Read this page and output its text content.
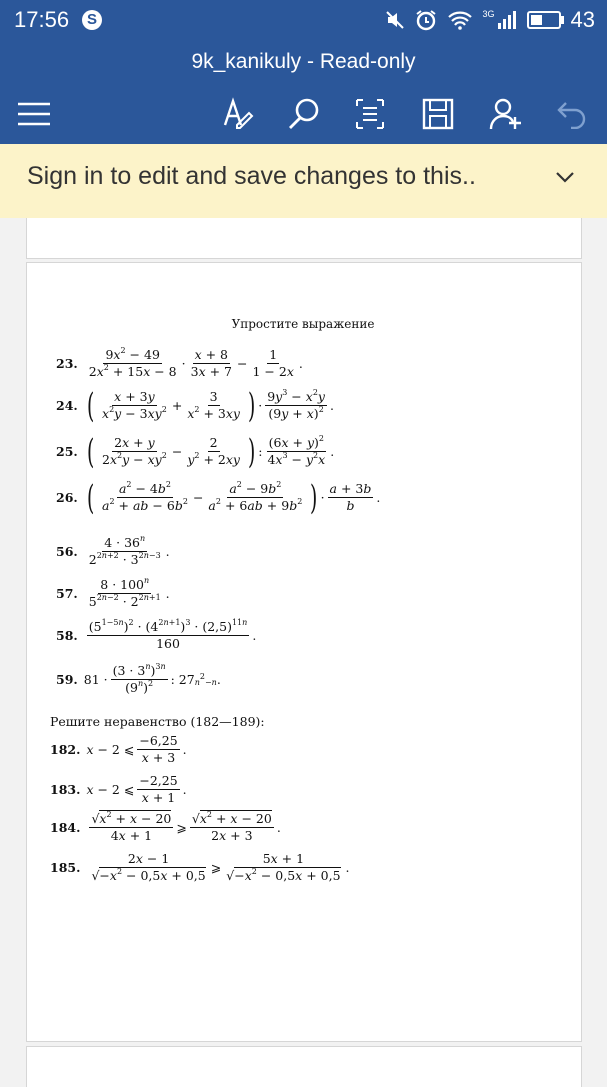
17:56	S	3G	43
9k_kanikuly - Read-only
Sign in to edit and save changes to this..
Упростите выражение
23. $\frac{9x^2 - 49}{2x^2 + 15x - 8} \cdot \frac{x + 8}{3x + 7} - \frac{1}{1 - 2x}$ .
24. ( $\frac{x + 3y}{x^2y - 3xy^2} + \frac{3}{x^2 + 3xy}$ ) · $\frac{9y^3 - x^2y}{(9y + x)^2}$ .
25. ( $\frac{2x + y}{2x^2y - xy^2} - \frac{2}{y^2 + 2xy}$ ) : $\frac{(6x + y)^2}{4x^3 - y^2x}$ .
26. ( $\frac{a^2 - 4b^2}{a^2 + ab - 6b^2} - \frac{a^2 - 9b^2}{a^2 + 6ab + 9b^2}$ ) · $\frac{a + 3b}{b}$ .
56. $\frac{4 \cdot 36^n}{2^{2n+2} \cdot 3^{2n-3}}$ .
57. $\frac{8 \cdot 100^n}{5^{2n-2} \cdot 2^{2n+1}}$ .
58. $\frac{(5^{1-5n})^2 \cdot (4^{2n+1})^3 \cdot (2,5)^{11n}}{160}$ .
59. $81 \cdot \frac{(3 \cdot 3^n)^{3n}}{(9^n)^2}$ : 27 $n^2-n$ .
Решите неравенство (182—189):
182. x − 2 ⩽ $\frac{-6,25}{x + 3}$ .
183. x − 2 ⩽ $\frac{-2,25}{x + 1}$ .
184. $\frac{√x^2 + x - 20}{4x + 1}$ ⩾ $\frac{√x^2 + x - 20}{2x + 3}$ .
185. $\frac{2x - 1}{√-x^2 - 0,5x + 0,5}$ ⩾ $\frac{5x + 1}{√-x^2 - 0,5x + 0,5}$ .
